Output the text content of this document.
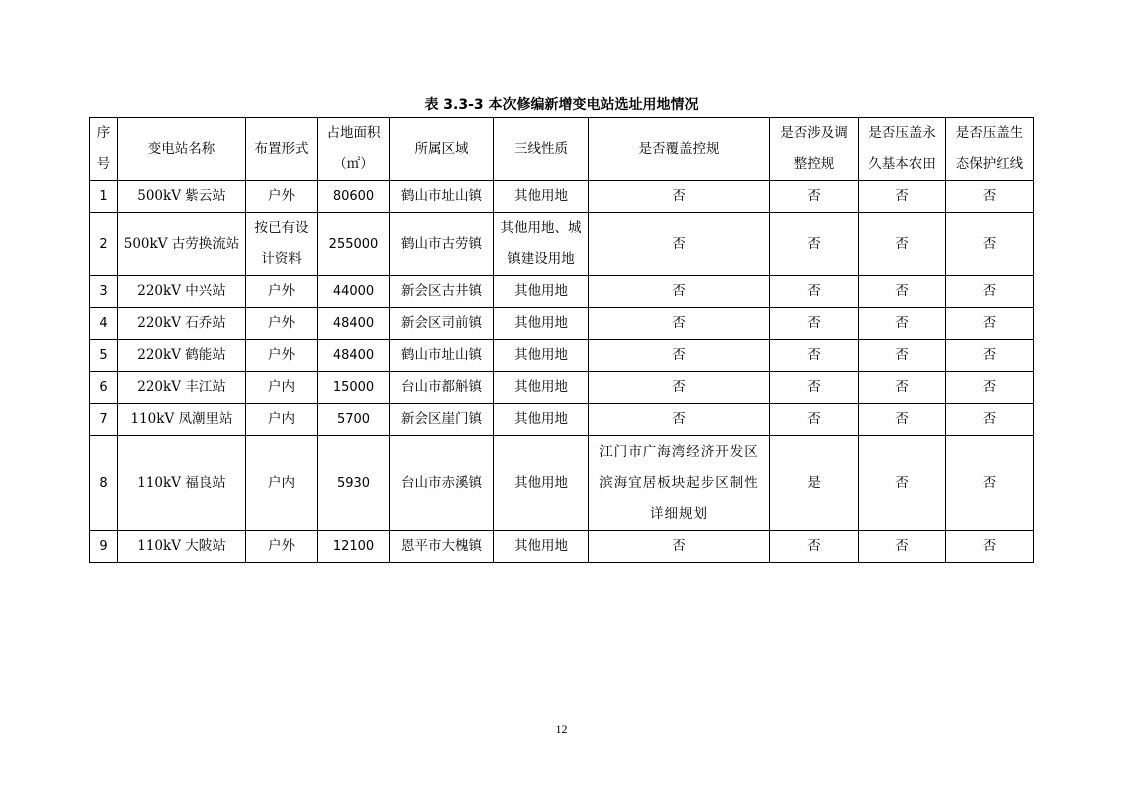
表 3.3-3 本次修编新增变电站选址用地情况
序号	变电站名称	布置形式	占地面积（㎡）	所属区域	三线性质	是否覆盖控规	是否涉及调整控规	是否压盖永久基本农田	是否压盖生态保护红线
1	500kV 紫云站	户外	80600	鹤山市址山镇	其他用地	否	否	否	否
2	500kV 古劳换流站	按已有设计资料	255000	鹤山市古劳镇	其他用地、城镇建设用地	否	否	否	否
3	220kV 中兴站	户外	44000	新会区古井镇	其他用地	否	否	否	否
4	220kV 石乔站	户外	48400	新会区司前镇	其他用地	否	否	否	否
5	220kV 鹤能站	户外	48400	鹤山市址山镇	其他用地	否	否	否	否
6	220kV 丰江站	户内	15000	台山市都斛镇	其他用地	否	否	否	否
7	110kV 凤潮里站	户内	5700	新会区崖门镇	其他用地	否	否	否	否
8	110kV 福良站	户内	5930	台山市赤溪镇	其他用地	江门市广海湾经济开发区滨海宜居板块起步区制性详细规划	是	否	否
9	110kV 大陂站	户外	12100	恩平市大槐镇	其他用地	否	否	否	否
12
